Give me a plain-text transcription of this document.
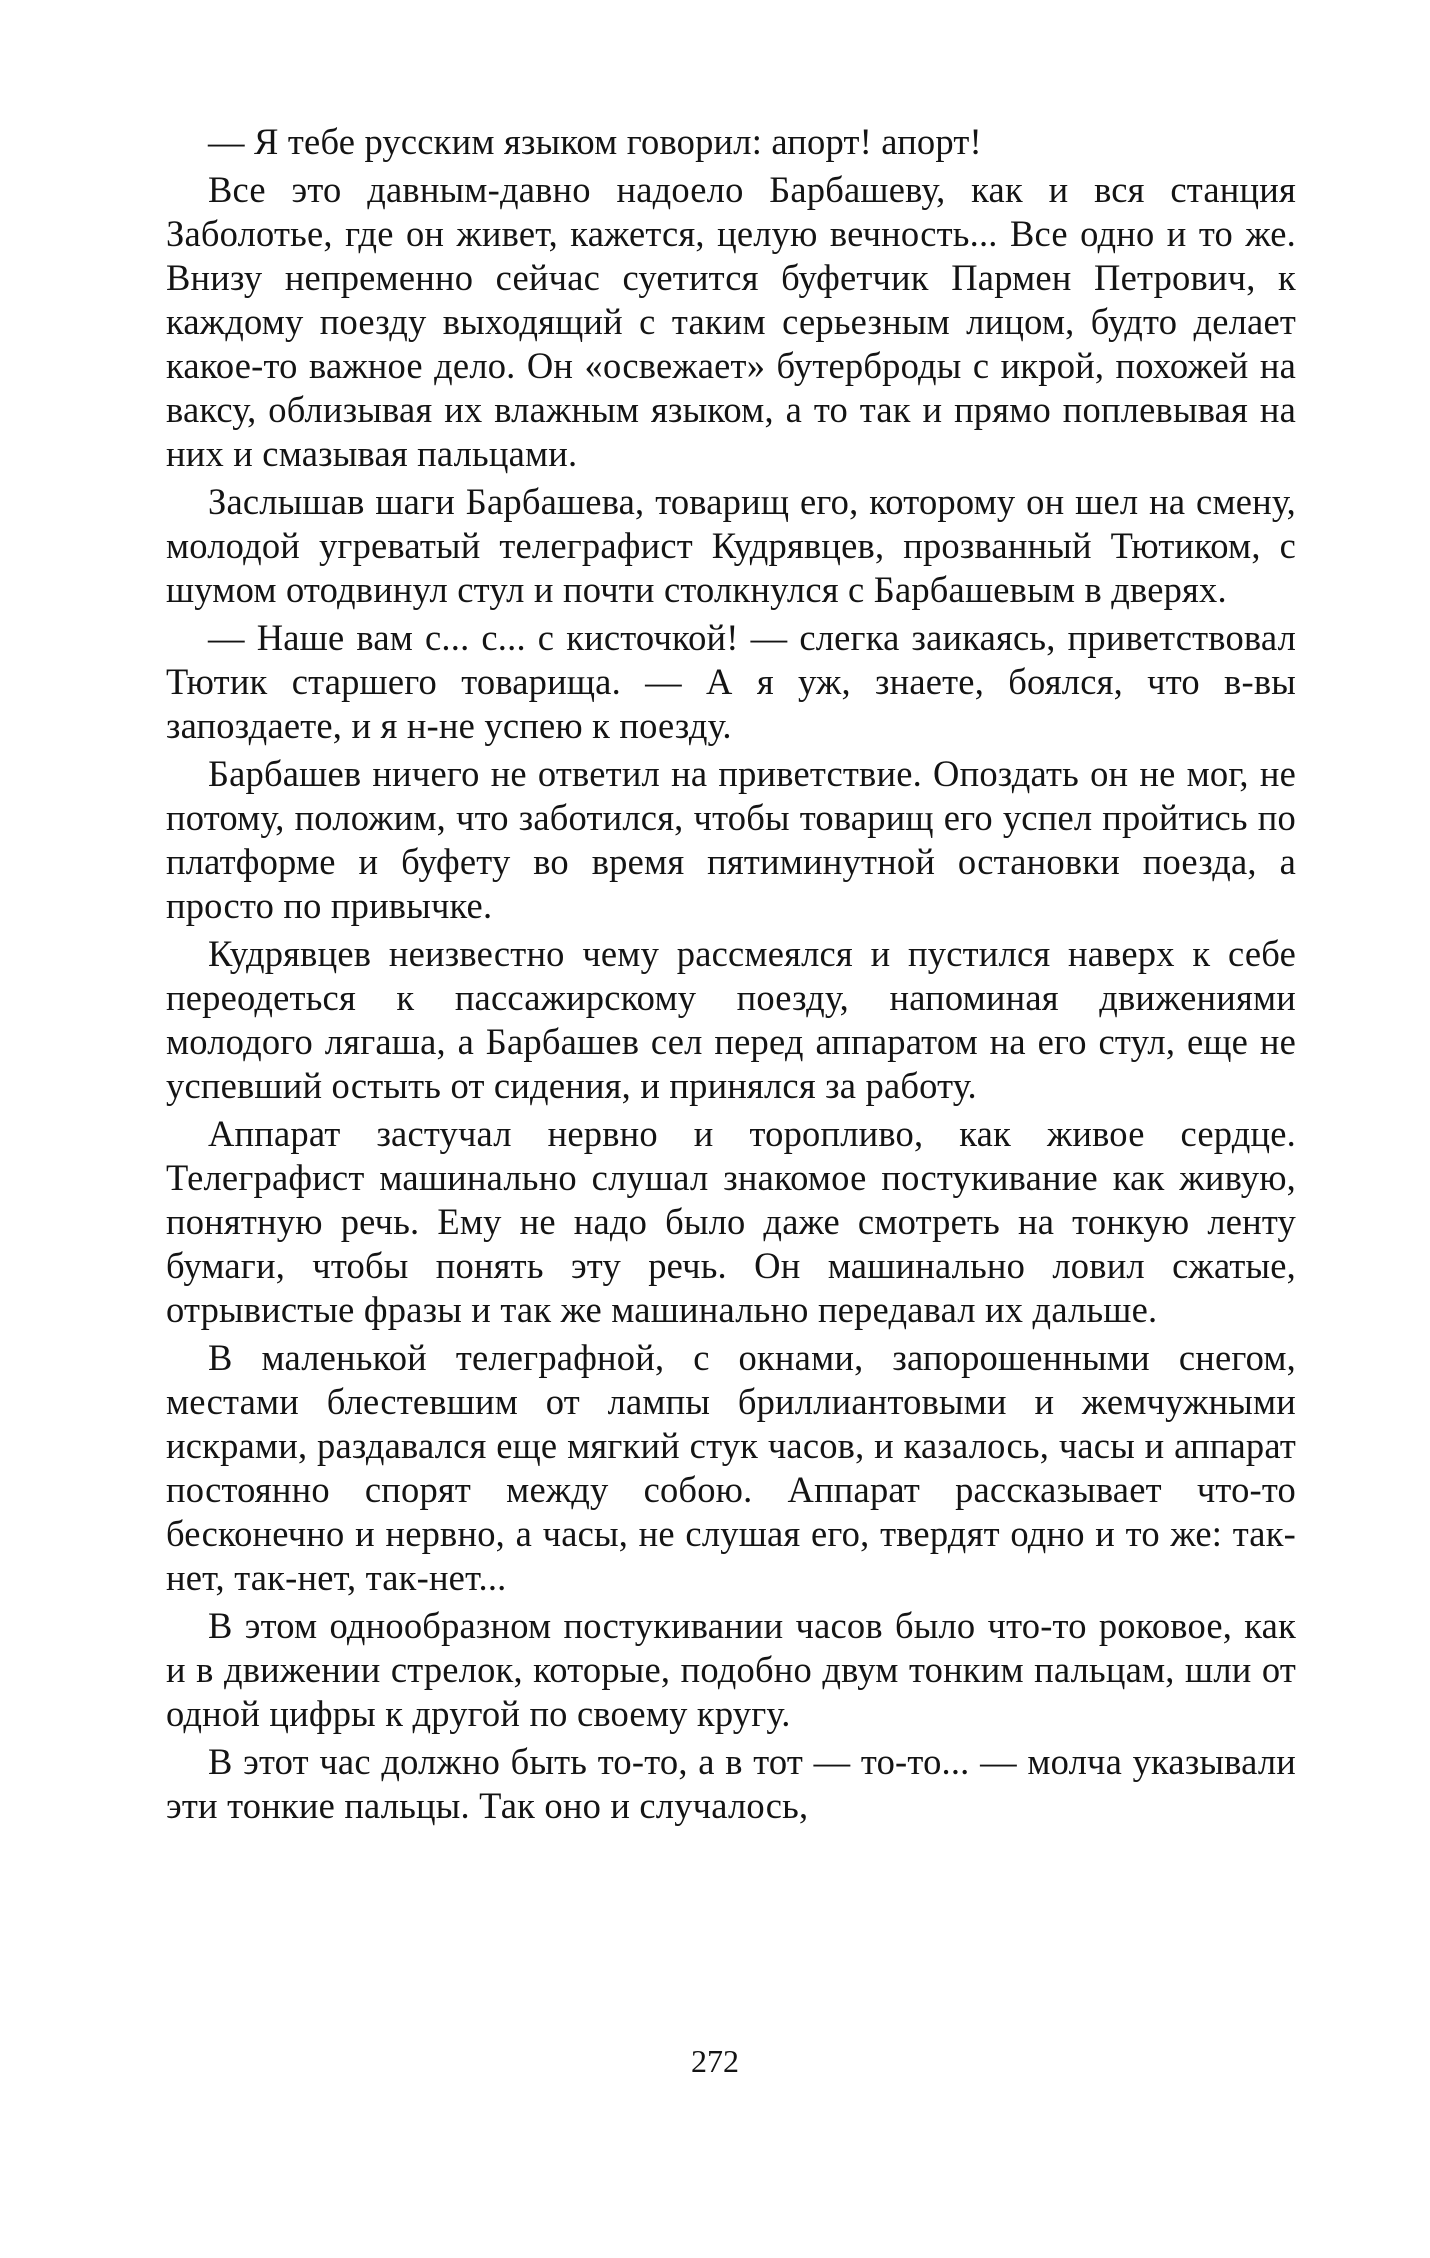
— Я тебе русским языком говорил: апорт! апорт!

Все это давным-давно надоело Барбашеву, как и вся станция Заболотье, где он живет, кажется, целую вечность... Все одно и то же. Внизу непременно сейчас суетится буфетчик Пармен Петрович, к каждому поезду выходящий с таким серьезным лицом, будто делает какое-то важное дело. Он «освежает» бутерброды с икрой, похожей на ваксу, облизывая их влажным языком, а то так и прямо поплевывая на них и смазывая пальцами.

Заслышав шаги Барбашева, товарищ его, которому он шел на смену, молодой угреватый телеграфист Кудрявцев, прозванный Тютиком, с шумом отодвинул стул и почти столкнулся с Барбашевым в дверях.

— Наше вам с... с... с кисточкой! — слегка заикаясь, приветствовал Тютик старшего товарища. — А я уж, знаете, боялся, что в-вы запоздаете, и я н-не успею к поезду.

Барбашев ничего не ответил на приветствие. Опоздать он не мог, не потому, положим, что заботился, чтобы товарищ его успел пройтись по платформе и буфету во время пятиминутной остановки поезда, а просто по привычке.

Кудрявцев неизвестно чему рассмеялся и пустился наверх к себе переодеться к пассажирскому поезду, напоминая движениями молодого лягаша, а Барбашев сел перед аппаратом на его стул, еще не успевший остыть от сидения, и принялся за работу.

Аппарат застучал нервно и торопливо, как живое сердце. Телеграфист машинально слушал знакомое постукивание как живую, понятную речь. Ему не надо было даже смотреть на тонкую ленту бумаги, чтобы понять эту речь. Он машинально ловил сжатые, отрывистые фразы и так же машинально передавал их дальше.

В маленькой телеграфной, с окнами, запорошенными снегом, местами блестевшим от лампы бриллиантовыми и жемчужными искрами, раздавался еще мягкий стук часов, и казалось, часы и аппарат постоянно спорят между собою. Аппарат рассказывает что-то бесконечно и нервно, а часы, не слушая его, твердят одно и то же: так-нет, так-нет, так-нет...

В этом однообразном постукивании часов было что-то роковое, как и в движении стрелок, которые, подобно двум тонким пальцам, шли от одной цифры к другой по своему кругу.

В этот час должно быть то-то, а в тот — то-то... — молча указывали эти тонкие пальцы. Так оно и случалось,

272
